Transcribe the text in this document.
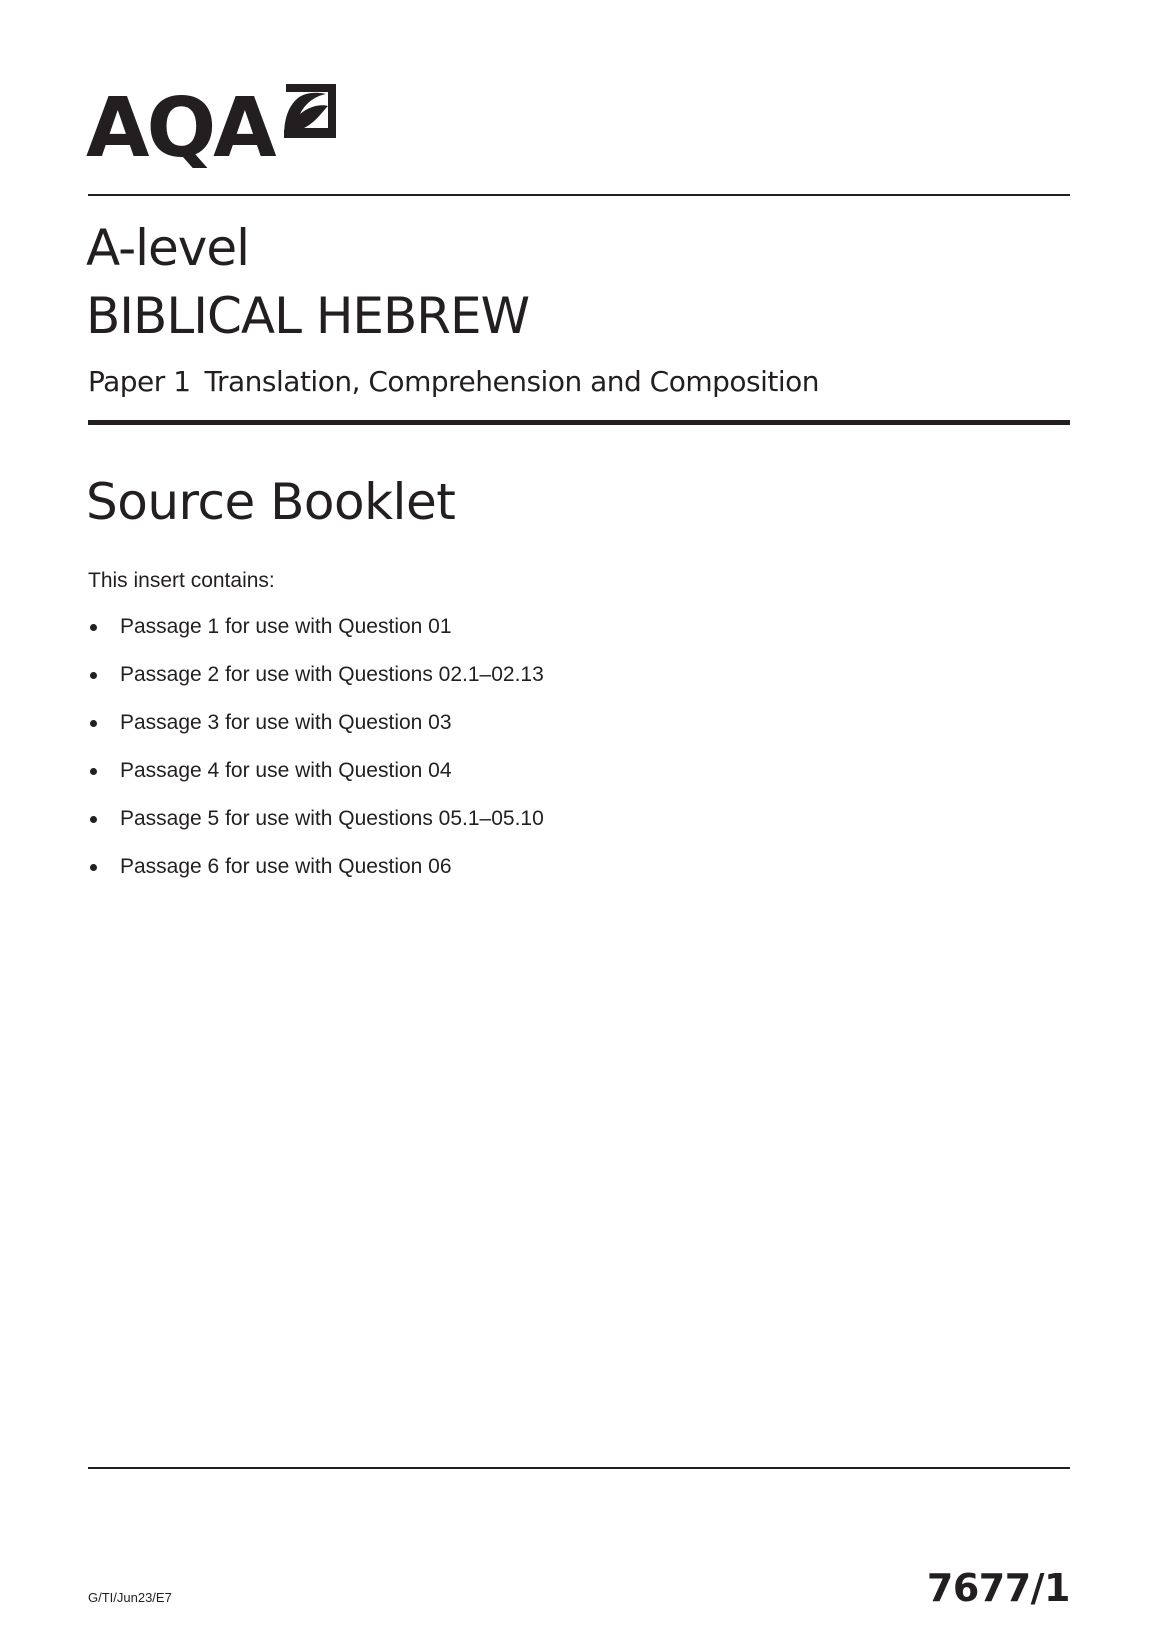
AQA
A-level
BIBLICAL HEBREW
Paper 1 Translation, Comprehension and Composition
Source Booklet
This insert contains:
Passage 1 for use with Question 01
Passage 2 for use with Questions 02.1–02.13
Passage 3 for use with Question 03
Passage 4 for use with Question 04
Passage 5 for use with Questions 05.1–05.10
Passage 6 for use with Question 06
G/TI/Jun23/E7	7677/1
